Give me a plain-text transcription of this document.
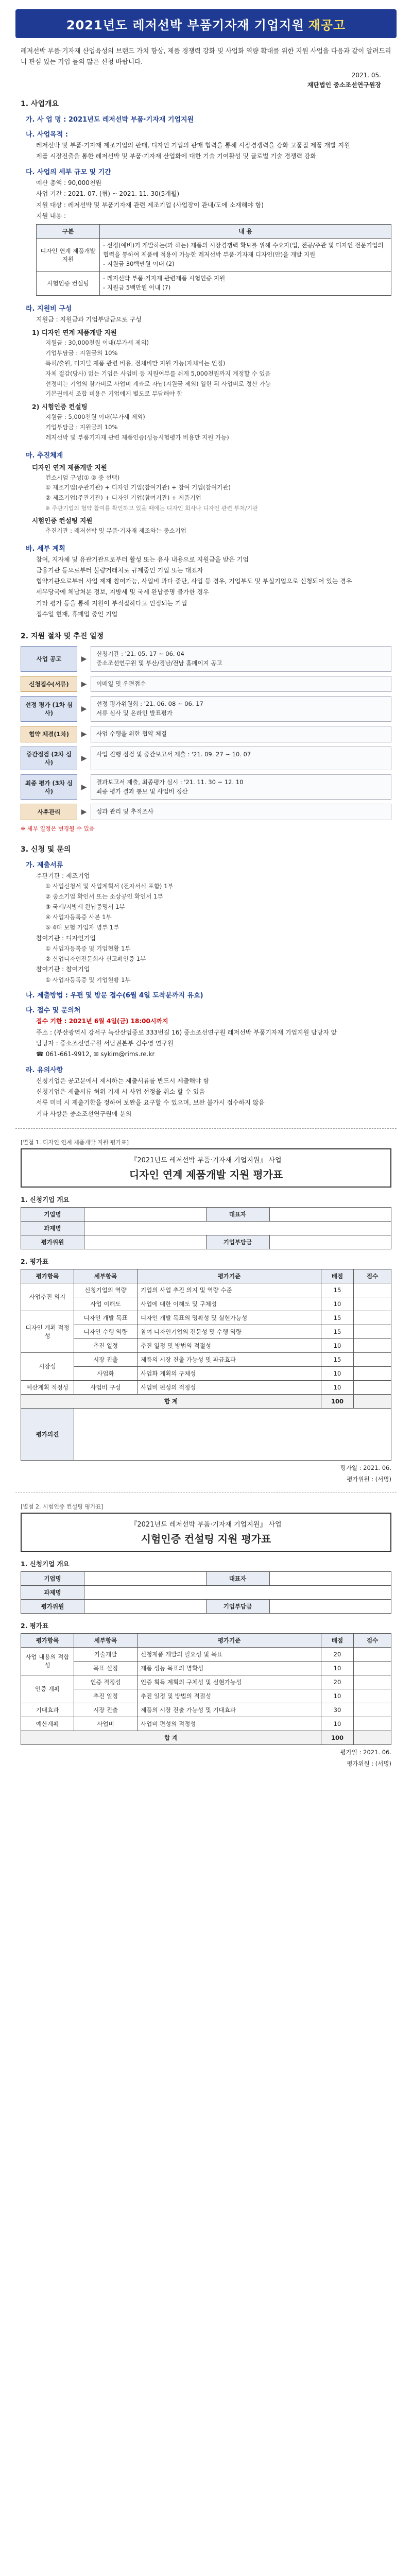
2021년도 레저선박 부품기자재 기업지원 재공고

레저선박 부품·기자재 산업육성의 브랜드 가치 향상, 제품 경쟁력 강화 및 사업화 역량 확대를 위한 지원 사업을 다음과 같이 알려드리니 관심 있는 기업 들의 많은 신청 바랍니다.

2021. 05.
재단법인 중소조선연구원장
1. 사업개요
가. 사 업 명 : 2021년도 레저선박 부품·기자재 기업지원
나. 사업목적 :
레저선박 및 부품·기자재 제조기업의 판매, 디자인 기업의 판매 협력을 통해 시장경쟁력을 강화 고품질 제품 개발 지원
제품 시장진출을 통한 레저선박 및 부품·기자재 산업화에 대한 기술 기여활성 및 글로벌 기술 경쟁력 강화
다. 사업의 세부 규모 및 기간
예산 총액 : 90,000천원
사업 기간 : 2021. 07. (협) ~ 2021. 11. 30(5개월)
지원 대상 : 레저선박 및 부품기자재 관련 제조기업 (사업장이 관내/도에 소재해야 함)
지원 내용 :
구분	내 용
디자인 연계 제품개발 지원	- 선정(예비)기 개발하는(과 하는) 제품의 시장경쟁력 확보를 위해 수요자(업, 전공/주관 및 디자인 전문기업의 협력을 통하여 제품에 적용이 가능한 레저선박 부품·기자재 디자인(안)을 개발 지원
- 지원금 30백만원 이내 (2)
시험인증 컨설팅	- 레저선박 부품·기자재 관련제품 시험인증 지원
- 지원금 5백만원 이내 (7)
라. 지원비 구성
지원금 : 지원금과 기업부담금으로 구성
1) 디자인 연계 제품개발 지원
지원금 : 30,000천원 이내(부가세 제외)
기업부담금 : 지원금의 10%
특허/출원, 디지털 제품 관련 비용, 전체비만 지원 가능(자체비는 인정)
자체 절감(당사) 없는 기업은 사업비 등 지원여부를 쉬게 5,000천원까지 계정할 수 있음
선정비는 기업의 참가비로 사업비 계좌로 자납(지원금 제외) 일한 뒤 사업비로 정산 가능
기본권에서 조합 비용은 기업에게 별도로 부담해야 함
2) 시험인증 컨설팅
지원금 : 5,000천원 이내(부가세 제외)
기업부담금 : 지원금의 10%
레저선박 및 부품기자재 관련 제품인증(성능시험평가 비용만 지원 가능)
마. 추진체계
디자인 연계 제품개발 지원
컨소시엄 구성(① ② 중 선택)
① 제조기업(주관기관) + 디자인 기업(참여기관) + 참여 기업(참여기관)
② 제조기업(주관기관) + 디자인 기업(참여기관) + 제품기업
※ 주관기업의 협약 참여를 확인하고 있을 때에는 디자인 회사나 디자인 관련 부처/기관
시험인증 컨설팅 지원
추진기관 : 레저선박 및 부품·기자재 제조와는 중소기업
바. 세부 계획
참여, 지자체 및 유관기관으로부터 활성 또는 유사 내용으로 지원금을 받은 기업
금융기관 등으로부터 불량거래처로 규제중인 기업 또는 대표자
협약기관으로부터 사업 제재 참여가능, 사업비 과다 중단, 사업 등 경우, 기업부도 및 부실기업으로 신청되어 있는 경우
세무당국에 체납처분 정보, 지방세 및 국세 완납증명 불가한 경우
기타 평가 등을 통해 지원이 부적절하다고 인정되는 기업
접수일 현재, 휴폐업 중인 기업
2. 지원 절차 및 추진 일정
사업 공고	▶
신청기간 : '21. 05. 17 ~ 06. 04
중소조선연구원 및 부산/경남/전남 홈페이지 공고
신청접수(서류)	▶	이메일 및 우편접수
선정 평가 (1차 심사)	▶
선정 평가위원회 : '21. 06. 08 ~ 06. 17
서류 심사 및 온라인 발표평가
협약 체결(1차)	▶	사업 수행을 위한 협약 체결
중간점검 (2차 심사)	▶	사업 진행 점검 및 중간보고서 제출 : '21. 09. 27 ~ 10. 07
최종 평가 (3차 심사)	▶
결과보고서 제출, 최종평가 실시 : '21. 11. 30 ~ 12. 10
최종 평가 결과 통보 및 사업비 정산
사후관리	▶	성과 관리 및 추적조사
※ 세부 일정은 변경될 수 있음
3. 신청 및 문의
가. 제출서류
주관기관 : 제조기업
① 사업신청서 및 사업계획서 (전자서식 포함) 1부
② 중소기업 확인서 또는 소상공인 확인서 1부
③ 국세/지방세 완납증명서 1부
④ 사업자등록증 사본 1부
⑤ 4대 보험 가입자 명부 1부
참여기관 : 디자인기업
① 사업자등록증 및 기업현황 1부
② 산업디자인전문회사 신고확인증 1부
참여기관 : 참여기업
① 사업자등록증 및 기업현황 1부
나. 제출방법 : 우편 및 방문 접수(6월 4일 도착분까지 유효)
다. 접수 및 문의처
접수 기한 : 2021년 6월 4일(금) 18:00시까지
주소 : (부산광역시 강서구 녹산산업중로 333번길 16) 중소조선연구원 레저선박 부품기자재 기업지원 담당자 앞
담당자 : 중소조선연구원 서남권본부 김수영 연구원
☎ 061-661-9912, ✉ sykim@rims.re.kr
라. 유의사항
신청기업은 공고문에서 제시하는 제출서류를 반드시 제출해야 함
신청기업은 제출서류 허위 기재 시 사업 선정을 취소 할 수 있음
서류 미비 시 제출기한을 정하여 보완을 요구할 수 있으며, 보완 불가시 접수하지 않음
기타 사항은 중소조선연구원에 문의
[별첨 1. 디자인 연계 제품개발 지원 평가표]
『2021년도 레저선박 부품·기자재 기업지원』 사업
디자인 연계 제품개발 지원 평가표
1. 신청기업 개요
기업명		대표자	
과제명			
평가위원		기업부담금	
2. 평가표
평가항목	세부항목	평가기준	배점	점수
사업추진 의지	신청기업의 역량	기업의 사업 추진 의지 및 역량 수준	15	
	사업 이해도	사업에 대한 이해도 및 구체성	10	
디자인 계획 적정성	디자인 개발 목표	디자인 개발 목표의 명확성 및 실현가능성	15	
	디자인 수행 역량	참여 디자인기업의 전문성 및 수행 역량	15	
	추진 일정	추진 일정 및 방법의 적절성	10	
시장성	시장 진출	제품의 시장 진출 가능성 및 파급효과	15	
	사업화	사업화 계획의 구체성	10	
예산계획 적정성	사업비 구성	사업비 편성의 적정성	10	
합 계			100	
평가의견				
평가일 : 2021. 06.
평가위원 : (서명)
[별첨 2. 시험인증 컨설팅 평가표]
『2021년도 레저선박 부품·기자재 기업지원』 사업
시험인증 컨설팅 지원 평가표
1. 신청기업 개요
기업명		대표자	
과제명			
평가위원		기업부담금	
2. 평가표
평가항목	세부항목	평가기준	배점	점수
사업 내용의 적합성	기술개발	신청제품 개발의 필요성 및 목표	20	
	목표 설정	제품 성능 목표의 명확성	10	
인증 계획	인증 적정성	인증 획득 계획의 구체성 및 실현가능성	20	
	추진 일정	추진 일정 및 방법의 적절성	10	
기대효과	시장 진출	제품의 시장 진출 가능성 및 기대효과	30	
예산계획	사업비	사업비 편성의 적정성	10	
합 계			100	
평가일 : 2021. 06.
평가위원 : (서명)
